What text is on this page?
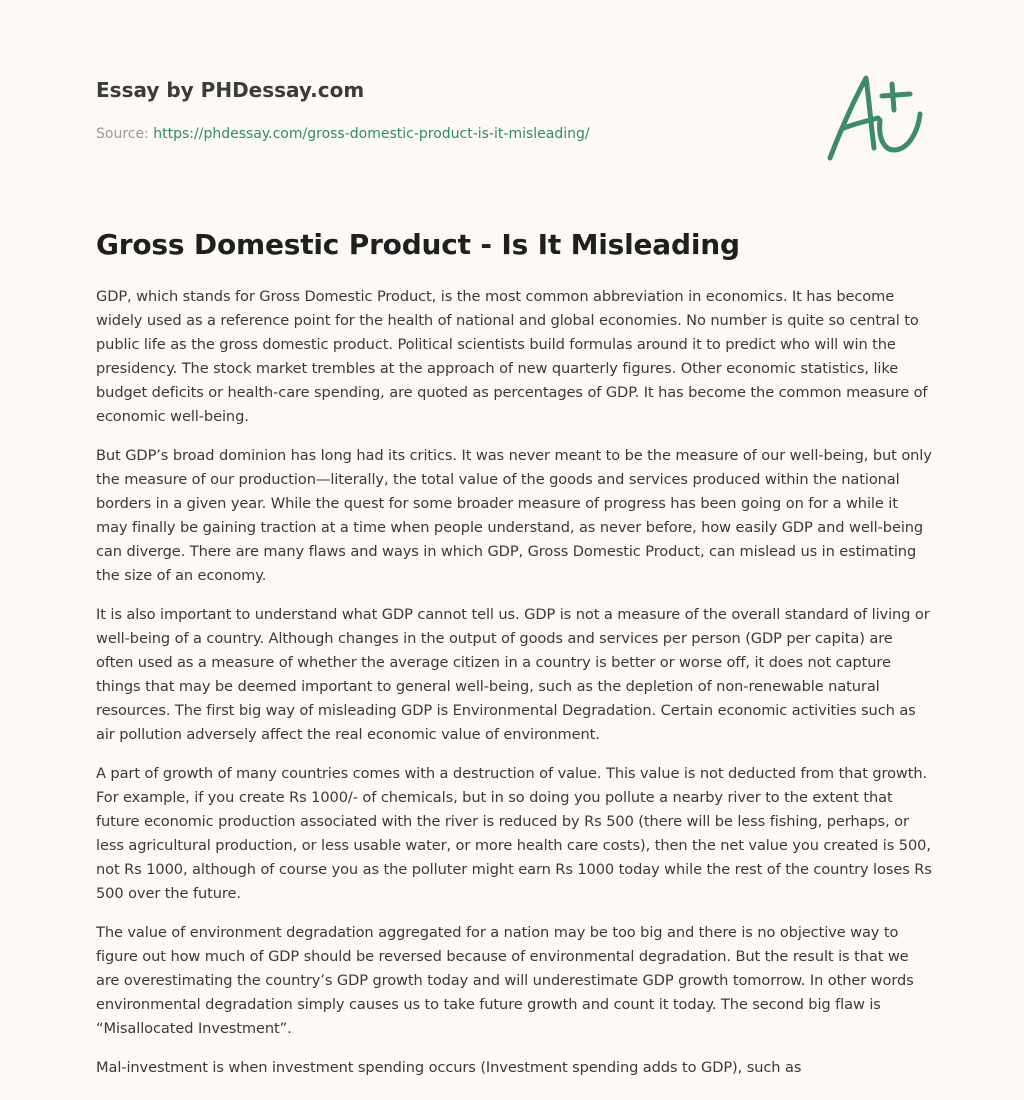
Essay by PHDessay.com
Source: https://phdessay.com/gross-domestic-product-is-it-misleading/
Gross Domestic Product - Is It Misleading

GDP, which stands for Gross Domestic Product, is the most common abbreviation in economics. It has become widely used as a reference point for the health of national and global economies. No number is quite so central to public life as the gross domestic product. Political scientists build formulas around it to predict who will win the presidency. The stock market trembles at the approach of new quarterly figures. Other economic statistics, like budget deficits or health-care spending, are quoted as percentages of GDP. It has become the common measure of economic well-being.

But GDP’s broad dominion has long had its critics. It was never meant to be the measure of our well-being, but only the measure of our production—literally, the total value of the goods and services produced within the national borders in a given year. While the quest for some broader measure of progress has been going on for a while it may finally be gaining traction at a time when people understand, as never before, how easily GDP and well-being can diverge. There are many flaws and ways in which GDP, Gross Domestic Product, can mislead us in estimating the size of an economy.

It is also important to understand what GDP cannot tell us. GDP is not a measure of the overall standard of living or well-being of a country. Although changes in the output of goods and services per person (GDP per capita) are often used as a measure of whether the average citizen in a country is better or worse off, it does not capture things that may be deemed important to general well-being, such as the depletion of non-renewable natural resources. The first big way of misleading GDP is Environmental Degradation. Certain economic activities such as air pollution adversely affect the real economic value of environment.

A part of growth of many countries comes with a destruction of value. This value is not deducted from that growth. For example, if you create Rs 1000/- of chemicals, but in so doing you pollute a nearby river to the extent that future economic production associated with the river is reduced by Rs 500 (there will be less fishing, perhaps, or less agricultural production, or less usable water, or more health care costs), then the net value you created is 500, not Rs 1000, although of course you as the polluter might earn Rs 1000 today while the rest of the country loses Rs 500 over the future.

The value of environment degradation aggregated for a nation may be too big and there is no objective way to figure out how much of GDP should be reversed because of environmental degradation. But the result is that we are overestimating the country’s GDP growth today and will underestimate GDP growth tomorrow. In other words environmental degradation simply causes us to take future growth and count it today. The second big flaw is “Misallocated Investment”.

Mal-investment is when investment spending occurs (Investment spending adds to GDP), such as
